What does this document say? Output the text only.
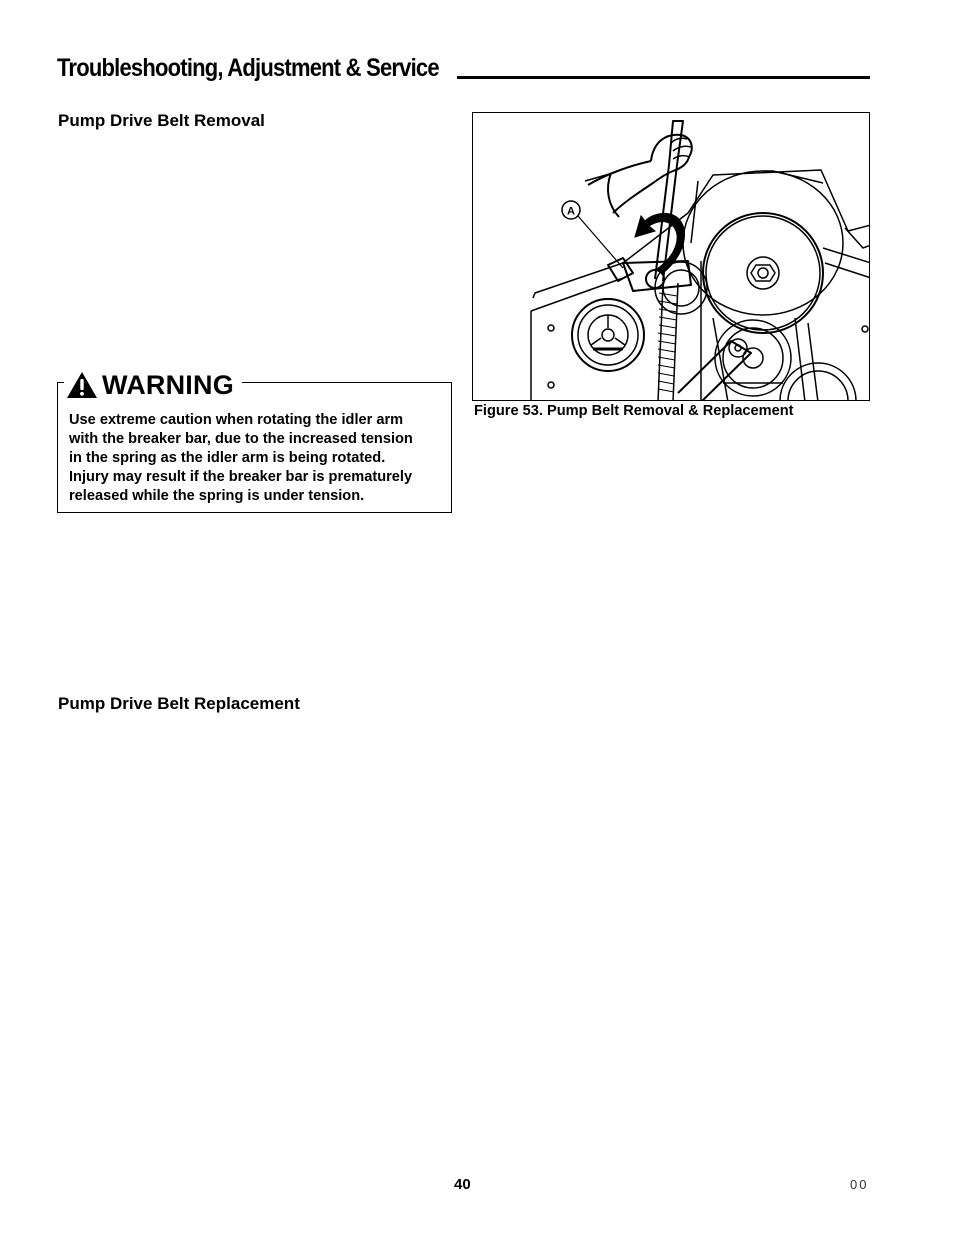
Troubleshooting, Adjustment & Service
Pump Drive Belt Removal
WARNING
Use extreme caution when rotating the idler arm
with the breaker bar, due to the increased tension
in the spring as the idler arm is being rotated.
Injury may result if the breaker bar is prematurely
released while the spring is under tension.
A
Figure 53. Pump Belt Removal & Replacement
Pump Drive Belt Replacement
40	00
